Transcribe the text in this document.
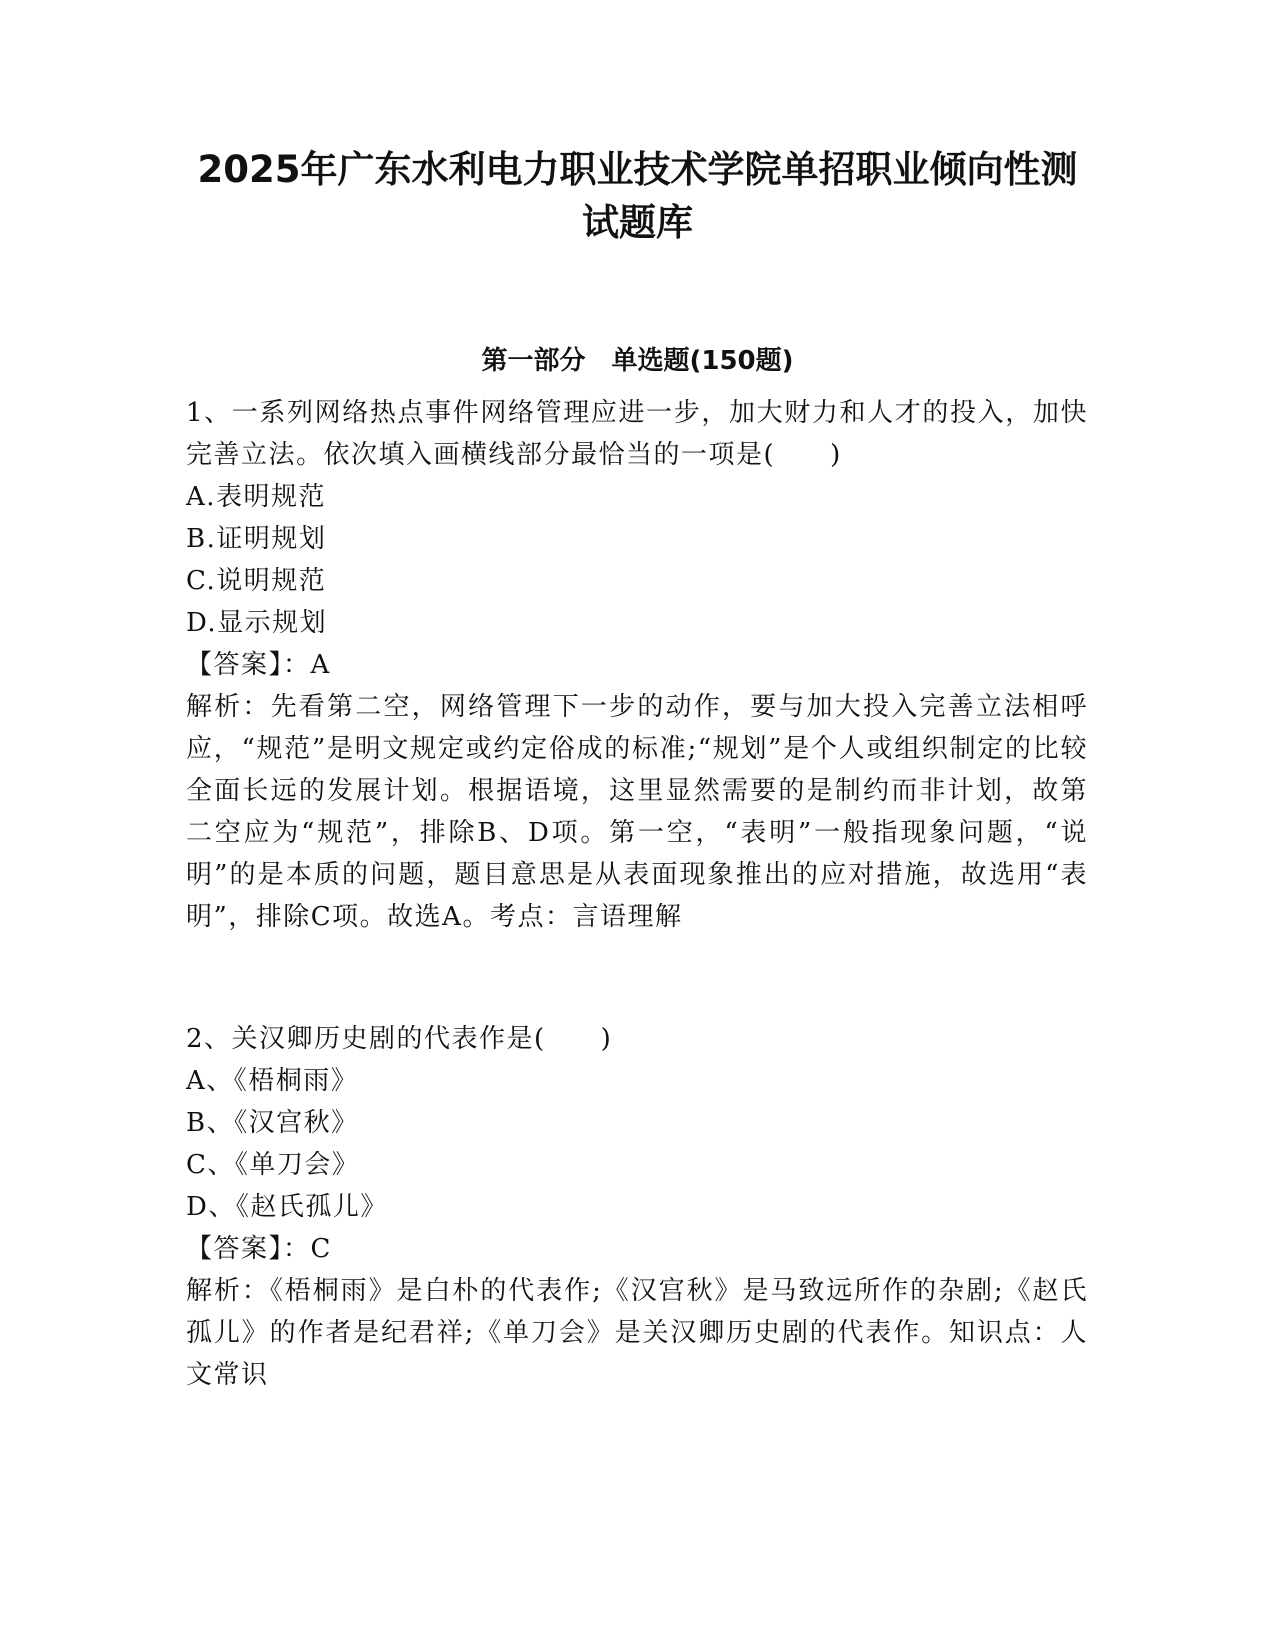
2025年广东水利电力职业技术学院单招职业倾向性测试题库
第一部分　单选题(150题)

1、一系列网络热点事件网络管理应进一步，加大财力和人才的投入，加快完善立法。依次填入画横线部分最恰当的一项是(　　)

A.表明规范

B.证明规划

C.说明规范

D.显示规划

【答案】：A

解析：先看第二空，网络管理下一步的动作，要与加大投入完善立法相呼应，“规范”是明文规定或约定俗成的标准;“规划”是个人或组织制定的比较全面长远的发展计划。根据语境，这里显然需要的是制约而非计划，故第二空应为“规范”，排除B、D项。第一空，“表明”一般指现象问题，“说明”的是本质的问题，题目意思是从表面现象推出的应对措施，故选用“表明”，排除C项。故选A。考点：言语理解

2、关汉卿历史剧的代表作是(　　)

A、《梧桐雨》

B、《汉宫秋》

C、《单刀会》

D、《赵氏孤儿》

【答案】：C

解析：《梧桐雨》是白朴的代表作;《汉宫秋》是马致远所作的杂剧;《赵氏孤儿》的作者是纪君祥;《单刀会》是关汉卿历史剧的代表作。知识点：人文常识
